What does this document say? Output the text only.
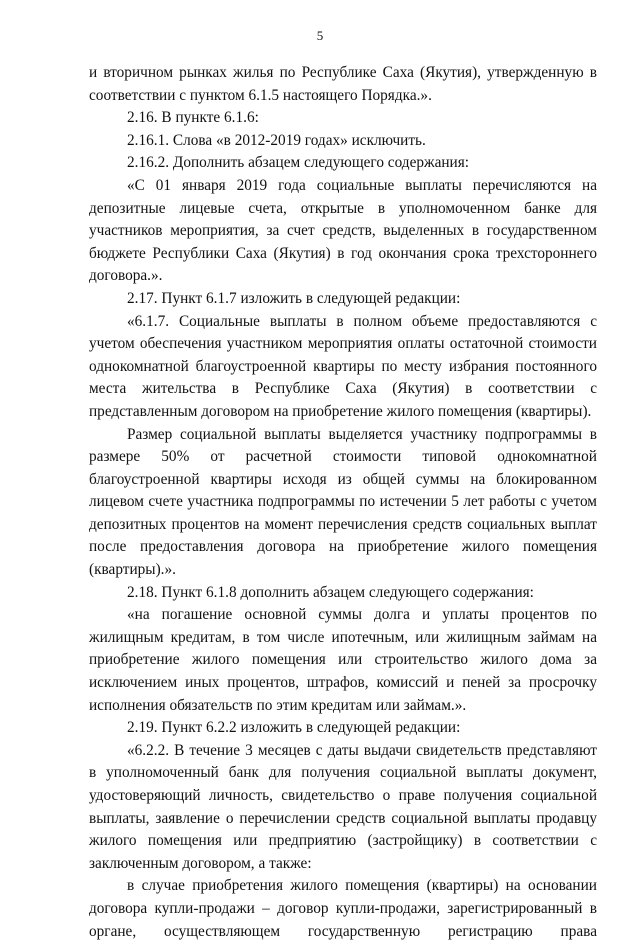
5

и вторичном рынках жилья по Республике Саха (Якутия), утвержденную в соответствии с пунктом 6.1.5 настоящего Порядка.».

2.16. В пункте 6.1.6:

2.16.1. Слова «в 2012-2019 годах» исключить.

2.16.2. Дополнить абзацем следующего содержания:

«С 01 января 2019 года социальные выплаты перечисляются на депозитные лицевые счета, открытые в уполномоченном банке для участников мероприятия, за счет средств, выделенных в государственном бюджете Республики Саха (Якутия) в год окончания срока трехстороннего договора.».

2.17. Пункт 6.1.7 изложить в следующей редакции:

«6.1.7. Социальные выплаты в полном объеме предоставляются с учетом обеспечения участником мероприятия оплаты остаточной стоимости однокомнатной благоустроенной квартиры по месту избрания постоянного места жительства в Республике Саха (Якутия) в соответствии с представленным договором на приобретение жилого помещения (квартиры).

Размер социальной выплаты выделяется участнику подпрограммы в размере 50% от расчетной стоимости типовой однокомнатной благоустроенной квартиры исходя из общей суммы на блокированном лицевом счете участника подпрограммы по истечении 5 лет работы с учетом депозитных процентов на момент перечисления средств социальных выплат после предоставления договора на приобретение жилого помещения (квартиры).».

2.18. Пункт 6.1.8 дополнить абзацем следующего содержания:

«на погашение основной суммы долга и уплаты процентов по жилищным кредитам, в том числе ипотечным, или жилищным займам на приобретение жилого помещения или строительство жилого дома за исключением иных процентов, штрафов, комиссий и пеней за просрочку исполнения обязательств по этим кредитам или займам.».

2.19. Пункт 6.2.2 изложить в следующей редакции:

«6.2.2. В течение 3 месяцев с даты выдачи свидетельств представляют в уполномоченный банк для получения социальной выплаты документ, удостоверяющий личность, свидетельство о праве получения социальной выплаты, заявление о перечислении средств социальной выплаты продавцу жилого помещения или предприятию (застройщику) в соответствии с заключенным договором, а также:

в случае приобретения жилого помещения (квартиры) на основании договора купли-продажи – договор купли-продажи, зарегистрированный в органе, осуществляющем государственную регистрацию права
